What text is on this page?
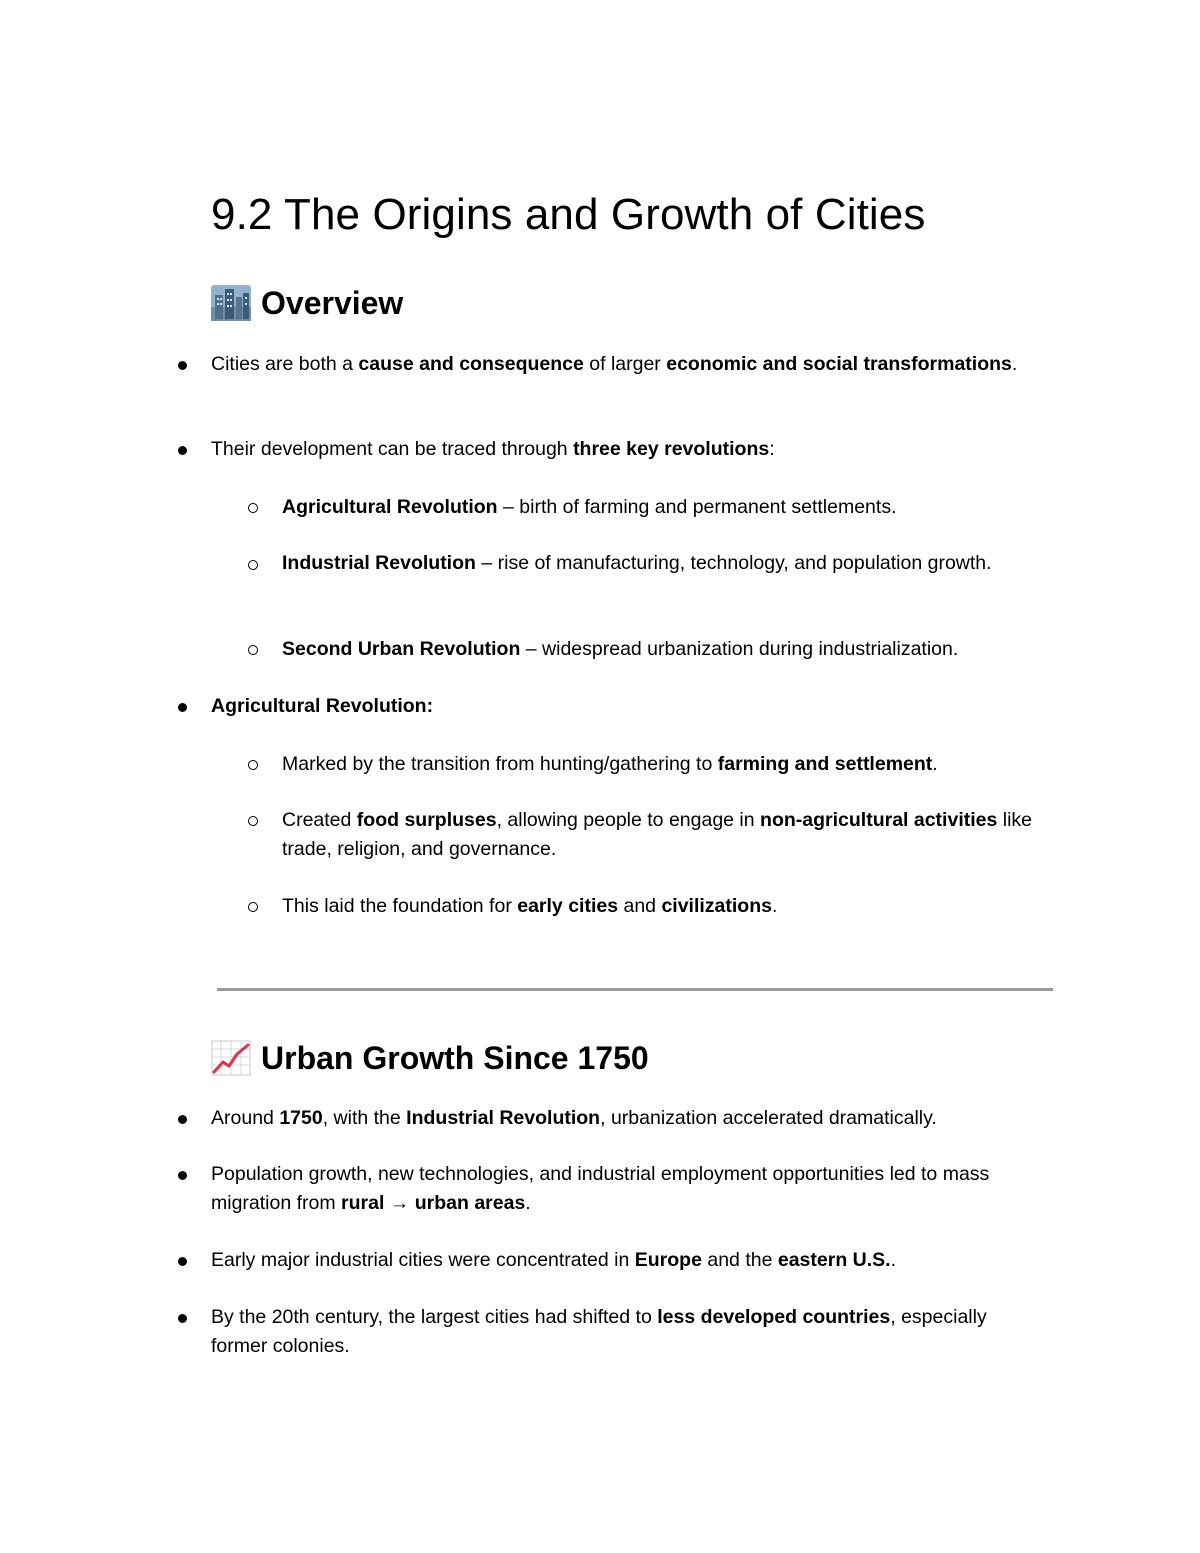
9.2 The Origins and Growth of Cities
Overview
Cities are both a cause and consequence of larger economic and social transformations.
Their development can be traced through three key revolutions:
Agricultural Revolution – birth of farming and permanent settlements.
Industrial Revolution – rise of manufacturing, technology, and population growth.
Second Urban Revolution – widespread urbanization during industrialization.
Agricultural Revolution:
Marked by the transition from hunting/gathering to farming and settlement.
Created food surpluses, allowing people to engage in non-agricultural activities like trade, religion, and governance.
This laid the foundation for early cities and civilizations.
Urban Growth Since 1750
Around 1750, with the Industrial Revolution, urbanization accelerated dramatically.
Population growth, new technologies, and industrial employment opportunities led to mass migration from rural → urban areas.
Early major industrial cities were concentrated in Europe and the eastern U.S..
By the 20th century, the largest cities had shifted to less developed countries, especially former colonies.
